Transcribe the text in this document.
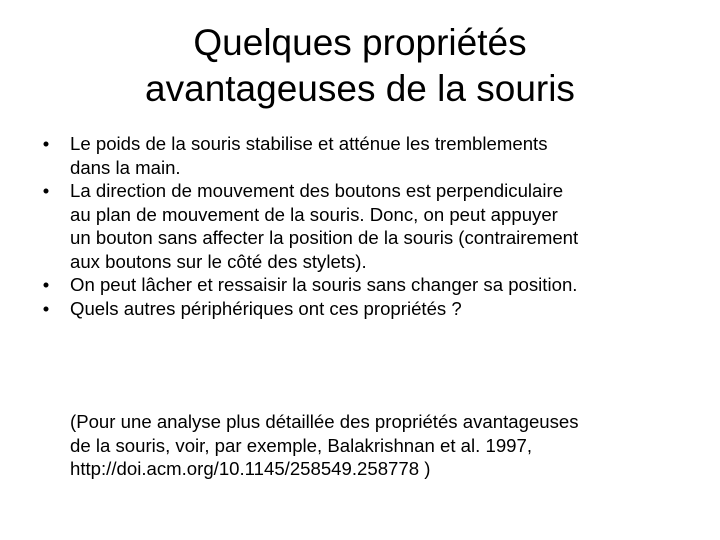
Quelques propriétés
avantageuses de la souris
• Le poids de la souris stabilise et atténue les tremblements
dans la main.
• La direction de mouvement des boutons est perpendiculaire
au plan de mouvement de la souris. Donc, on peut appuyer
un bouton sans affecter la position de la souris (contrairement
aux boutons sur le côté des stylets).
• On peut lâcher et ressaisir la souris sans changer sa position.
• Quels autres périphériques ont ces propriétés ?
(Pour une analyse plus détaillée des propriétés avantageuses
de la souris, voir, par exemple, Balakrishnan et al. 1997,
http://doi.acm.org/10.1145/258549.258778 )
